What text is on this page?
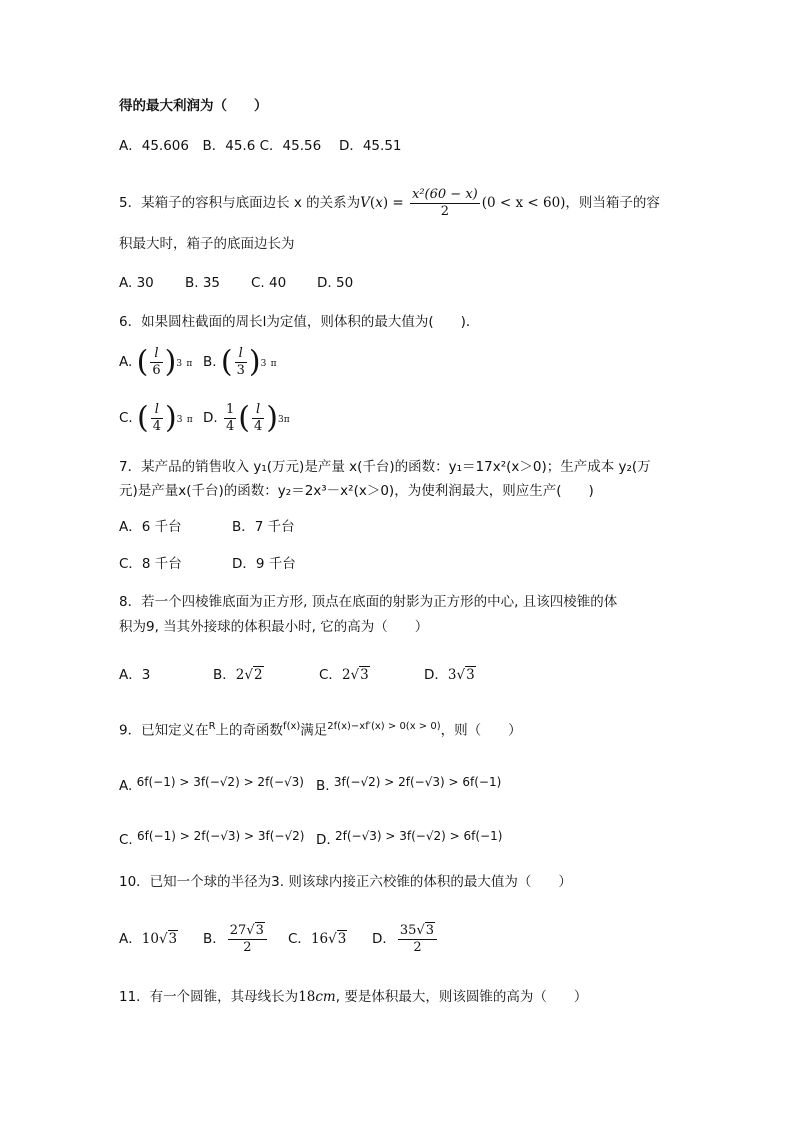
得的最大利润为（　　）
A．45.606　B．45.6 C．45.56　 D．45.51
5．某箱子的容积与底面边长 x 的关系为$V(x) = \frac{\text{x²(60 − x)}}{2} (0 < x < 60)$，则当箱子的容
积最大时，箱子的底面边长为
A. 30 B. 35 C. 40 D. 50
6．如果圆柱截面的周长l为定值，则体积的最大值为(　　)．
A. ( $\frac{l}{6} )3$ π B. ( $\frac{l}{3} )3$ π
C. ( $\frac{l}{4} )3$ π D. $\frac{1}{4}$ ( $\frac{l}{4} )3\pi$
7．某产品的销售收入 y₁(万元)是产量 x(千台)的函数：y₁＝17x²(x＞0)；生产成本 y₂(万
元)是产量x(千台)的函数：y₂＝2x³－x²(x＞0)，为使利润最大，则应生产(　　)
A．6 千台	B．7 千台
C．8 千台	D．9 千台
8．若一个四棱锥底面为正方形, 顶点在底面的射影为正方形的中心, 且该四棱锥的体
积为9, 当其外接球的体积最小时, 它的高为（　　）
A．3	B．2√2	C．2√3	D．3√3
9．已知定义在$^R$上的奇函数$^{f(x)}$满足$^{2f(x)-xf'(x) > 0(x > 0)}$，则（　　）
A. 6f(−1) > 3f(−√2) > 2f(−√3) B. 3f(−√2) > 2f(−√3) > 6f(−1)
C. 6f(−1) > 2f(−√3) > 3f(−√2) D. 2f(−√3) > 3f(−√2) > 6f(−1)
10．已知一个球的半径为3. 则该球内接正六校锥的体积的最大值为（　　）
A．10√3 B． $\frac{27√3}{2}$ C．16√3 D． $\frac{35√3}{2}$
11．有一个圆锥，其母线长为18cm, 要是体积最大，则该圆锥的高为（　　）
